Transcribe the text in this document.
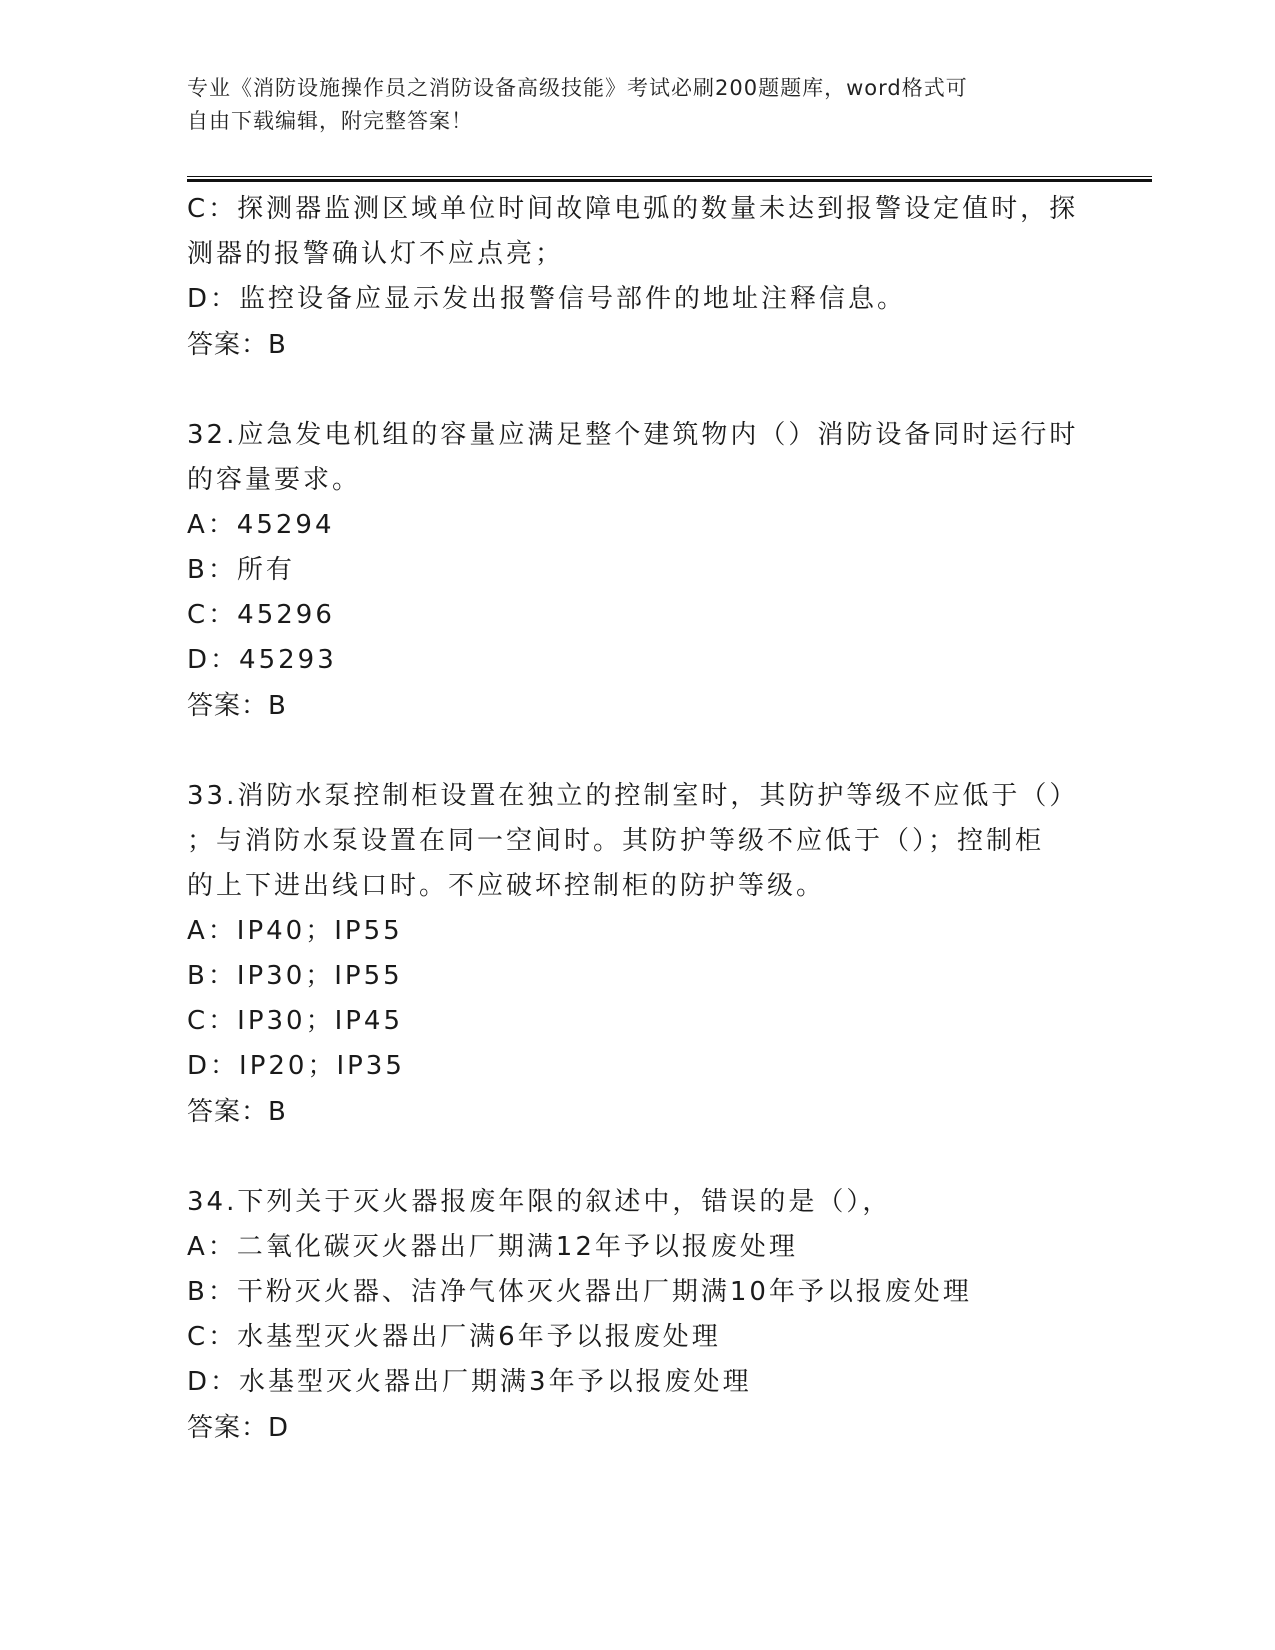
专业《消防设施操作员之消防设备高级技能》考试必刷200题题库，word格式可
自由下载编辑，附完整答案！
C：探测器监测区域单位时间故障电弧的数量未达到报警设定值时，探
测器的报警确认灯不应点亮；
D：监控设备应显示发出报警信号部件的地址注释信息。
答案：B
32.应急发电机组的容量应满足整个建筑物内（）消防设备同时运行时
的容量要求。
A：45294
B：所有
C：45296
D：45293
答案：B
33.消防水泵控制柜设置在独立的控制室时，其防护等级不应低于（）
；与消防水泵设置在同一空间时。其防护等级不应低于（）；控制柜
的上下进出线口时。不应破坏控制柜的防护等级。
A：IP40；IP55
B：IP30；IP55
C：IP30；IP45
D：IP20；IP35
答案：B
34.下列关于灭火器报废年限的叙述中，错误的是（），
A：二氧化碳灭火器出厂期满12年予以报废处理
B：干粉灭火器、洁净气体灭火器出厂期满10年予以报废处理
C：水基型灭火器出厂满6年予以报废处理
D：水基型灭火器出厂期满3年予以报废处理
答案：D
